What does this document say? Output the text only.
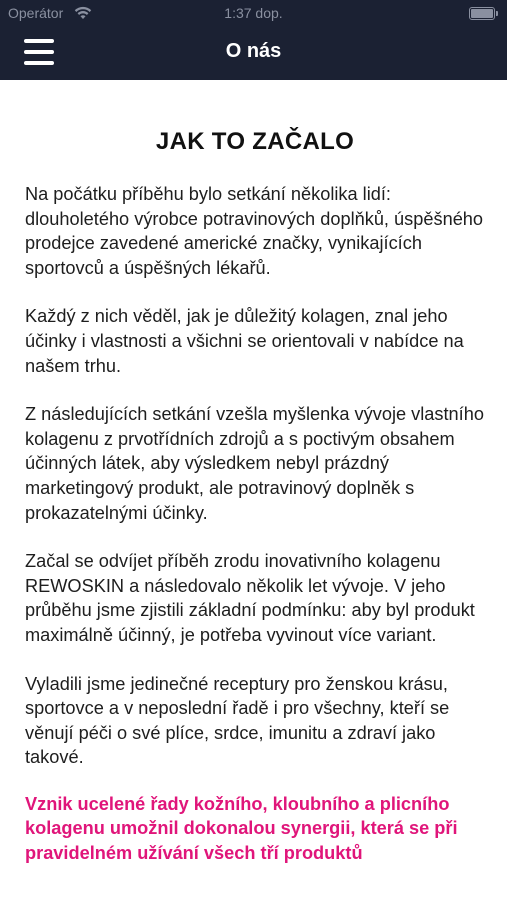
Operátor	1:37 dop.
O nás
JAK TO ZAČALO

Na počátku příběhu bylo setkání několika lidí: dlouholetého výrobce potravinových doplňků, úspěšného prodejce zavedené americké značky, vynikajících sportovců a úspěšných lékařů.

Každý z nich věděl, jak je důležitý kolagen, znal jeho účinky i vlastnosti a všichni se orientovali v nabídce na našem trhu.

Z následujících setkání vzešla myšlenka vývoje vlastního kolagenu z prvotřídních zdrojů a s poctivým obsahem účinných látek, aby výsledkem nebyl prázdný marketingový produkt, ale potravinový doplněk s prokazatelnými účinky.

Začal se odvíjet příběh zrodu inovativního kolagenu REWOSKIN a následovalo několik let vývoje. V jeho průběhu jsme zjistili základní podmínku: aby byl produkt maximálně účinný, je potřeba vyvinout více variant.

Vyladili jsme jedinečné receptury pro ženskou krásu, sportovce a v neposlední řadě i pro všechny, kteří se věnují péči o své plíce, srdce, imunitu a zdraví jako takové.

Vznik ucelené řady kožního, kloubního a plicního kolagenu umožnil dokonalou synergii, která se při pravidelném užívání všech tří produktů
